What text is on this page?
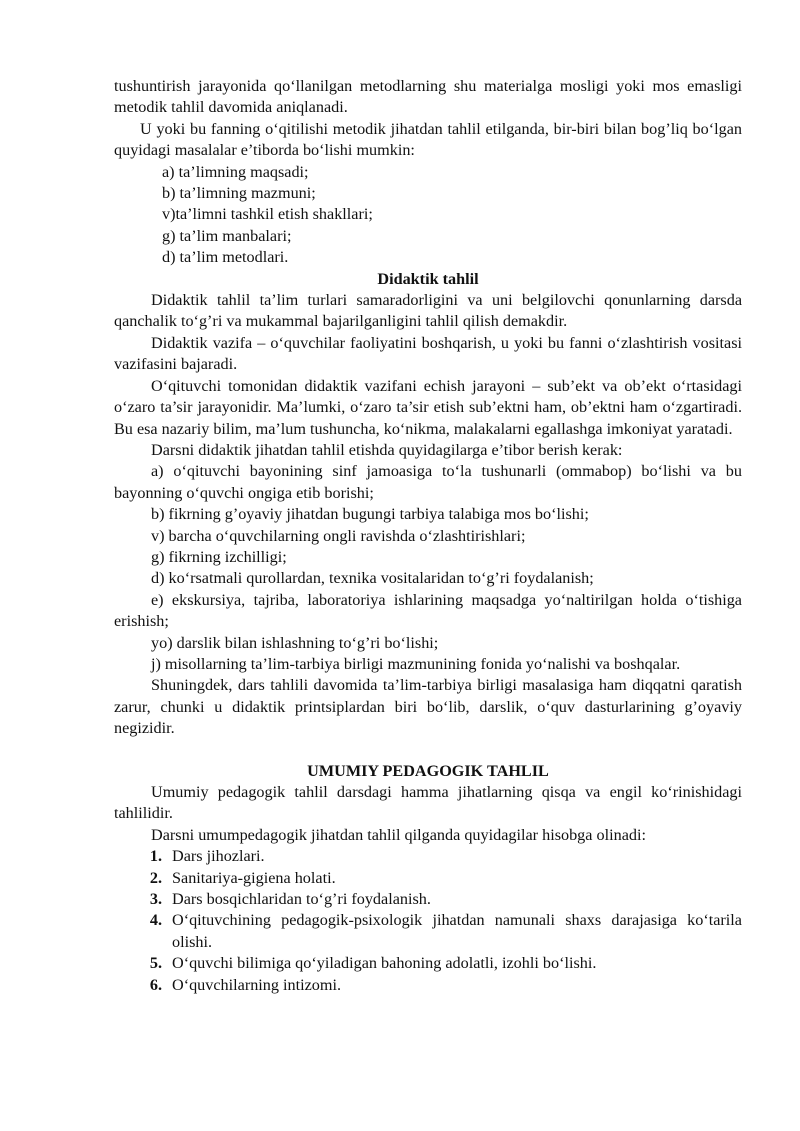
tushuntirish jarayonida qo‘llanilgan metodlarning shu materialga mosligi yoki mos emasligi metodik tahlil davomida aniqlanadi.

U yoki bu fanning o‘qitilishi metodik jihatdan tahlil etilganda, bir-biri bilan bog’liq bo‘lgan quyidagi masalalar e’tiborda bo‘lishi mumkin:

a) ta’limning maqsadi;

b) ta’limning mazmuni;

v)ta’limni tashkil etish shakllari;

g) ta’lim manbalari;

d) ta’lim metodlari.

Didaktik tahlil

Didaktik tahlil ta’lim turlari samaradorligini va uni belgilovchi qonunlarning darsda qanchalik to‘g’ri va mukammal bajarilganligini tahlil qilish demakdir.

Didaktik vazifa – o‘quvchilar faoliyatini boshqarish, u yoki bu fanni o‘zlashtirish vositasi vazifasini bajaradi.

O‘qituvchi tomonidan didaktik vazifani echish jarayoni – sub’ekt va ob’ekt o‘rtasidagi o‘zaro ta’sir jarayonidir. Ma’lumki, o‘zaro ta’sir etish sub’ektni ham, ob’ektni ham o‘zgartiradi. Bu esa nazariy bilim, ma’lum tushuncha, ko‘nikma, malakalarni egallashga imkoniyat yaratadi.

Darsni didaktik jihatdan tahlil etishda quyidagilarga e’tibor berish kerak:

a) o‘qituvchi bayonining sinf jamoasiga to‘la tushunarli (ommabop) bo‘lishi va bu bayonning o‘quvchi ongiga etib borishi;

b) fikrning g’oyaviy jihatdan bugungi tarbiya talabiga mos bo‘lishi;

v) barcha o‘quvchilarning ongli ravishda o‘zlashtirishlari;

g) fikrning izchilligi;

d) ko‘rsatmali qurollardan, texnika vositalaridan to‘g’ri foydalanish;

e) ekskursiya, tajriba, laboratoriya ishlarining maqsadga yo‘naltirilgan holda o‘tishiga erishish;

yo) darslik bilan ishlashning to‘g’ri bo‘lishi;

j) misollarning ta’lim-tarbiya birligi mazmunining fonida yo‘nalishi va boshqalar.

Shuningdek, dars tahlili davomida ta’lim-tarbiya birligi masalasiga ham diqqatni qaratish zarur, chunki u didaktik printsiplardan biri bo‘lib, darslik, o‘quv dasturlarining g’oyaviy negizidir.

UMUMIY PEDAGOGIK TAHLIL

Umumiy pedagogik tahlil darsdagi hamma jihatlarning qisqa va engil ko‘rinishidagi tahlilidir.

Darsni umumpedagogik jihatdan tahlil qilganda quyidagilar hisobga olinadi:

1. Dars jihozlari.
2. Sanitariya-gigiena holati.
3. Dars bosqichlaridan to‘g’ri foydalanish.
4. O‘qituvchining pedagogik-psixologik jihatdan namunali shaxs darajasiga ko‘tarila olishi.
5. O‘quvchi bilimiga qo‘yiladigan bahoning adolatli, izohli bo‘lishi.
6. O‘quvchilarning intizomi.
